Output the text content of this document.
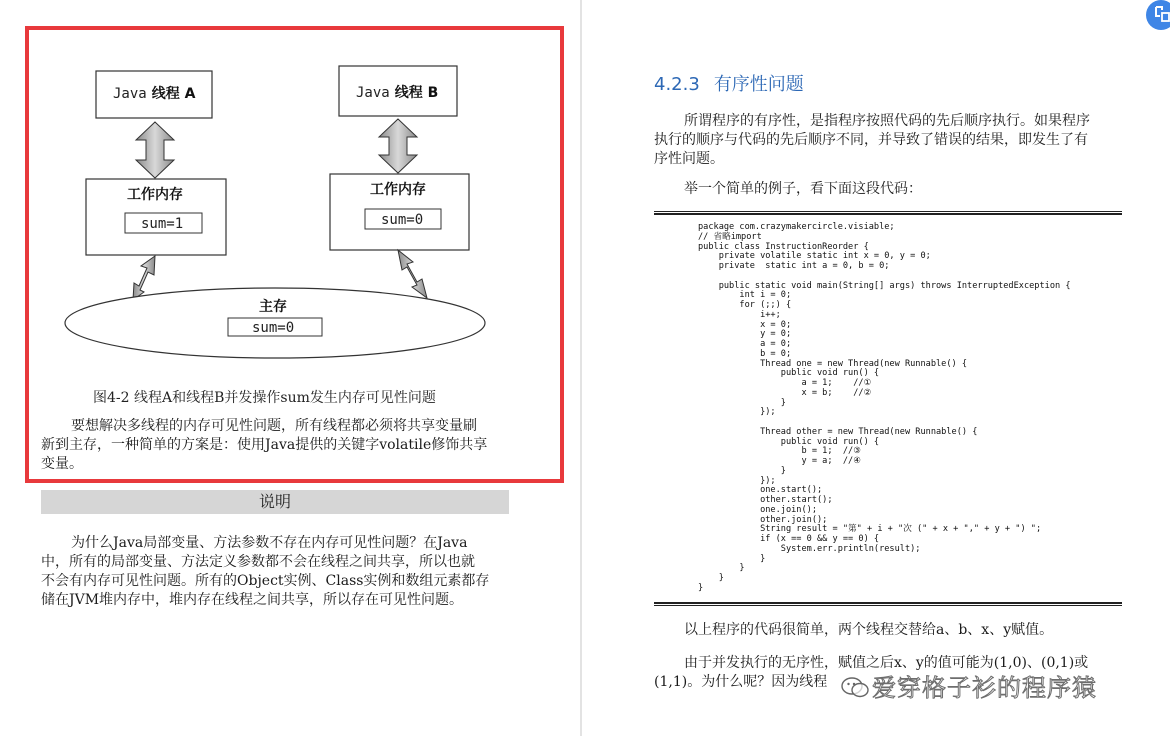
Java 线程 A	Java 线程 B
工作内存
sum=1
工作内存
sum=0
主存
sum=0
图4-2 线程A和线程B并发操作sum发生内存可见性问题
要想解决多线程的内存可见性问题，所有线程都必须将共享变量刷
新到主存，一种简单的方案是：使用Java提供的关键字volatile修饰共享
变量。
说明
为什么Java局部变量、方法参数不存在内存可见性问题？在Java
中，所有的局部变量、方法定义参数都不会在线程之间共享，所以也就
不会有内存可见性问题。所有的Object实例、Class实例和数组元素都存
储在JVM堆内存中，堆内存在线程之间共享，所以存在可见性问题。
4.2.3 有序性问题
所谓程序的有序性，是指程序按照代码的先后顺序执行。如果程序
执行的顺序与代码的先后顺序不同，并导致了错误的结果，即发生了有
序性问题。
举一个简单的例子，看下面这段代码：
package com.crazymakercircle.visiable;
// 省略import
public class InstructionReorder {
private volatile static int x = 0, y = 0;
private  static int a = 0, b = 0;

public static void main(String[] args) throws InterruptedException {
int i = 0;
for (;;) {
i++;
x = 0;
y = 0;
a = 0;
b = 0;
Thread one = new Thread(new Runnable() {
public void run() {
a = 1;    //①
x = b;    //②
}
});

Thread other = new Thread(new Runnable() {
public void run() {
b = 1;  //③
y = a;  //④
}
});
one.start();
other.start();
one.join();
other.join();
String result = "第" + i + "次 (" + x + "," + y + ") ";
if (x == 0 && y == 0) {
System.err.println(result);
}
}
}
}
以上程序的代码很简单，两个线程交替给a、b、x、y赋值。
由于并发执行的无序性，赋值之后x、y的值可能为(1,0)、(0,1)或
(1,1)。为什么呢？因为线程	爱穿格子衫的程序猿
